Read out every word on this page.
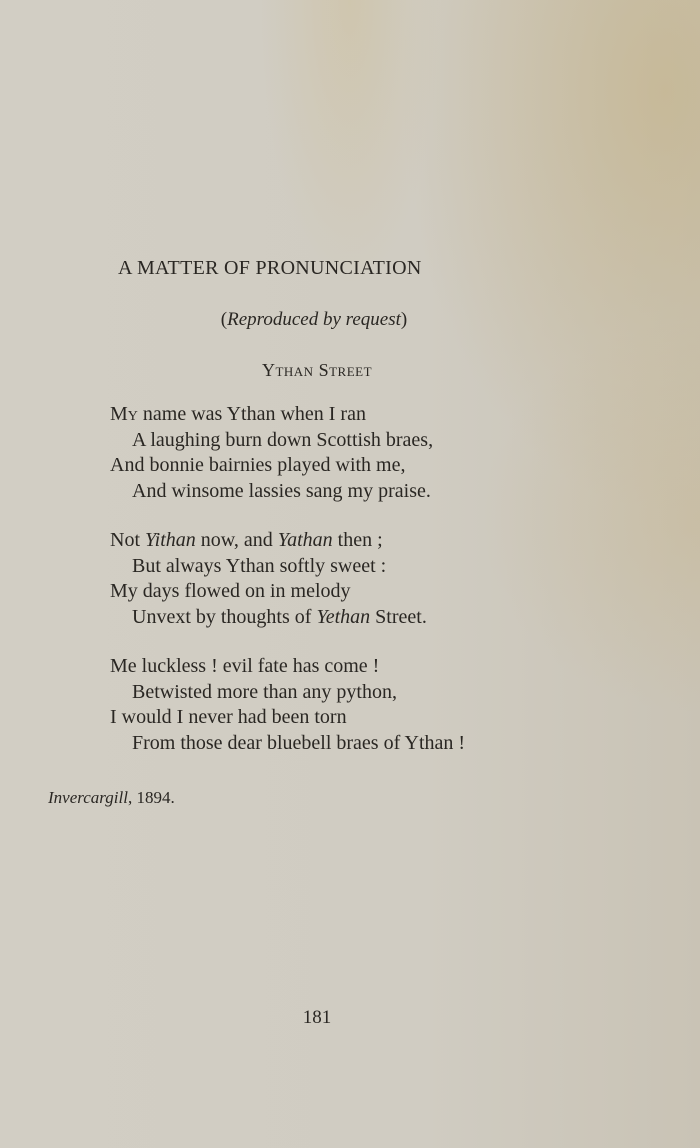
A MATTER OF PRONUNCIATION
(Reproduced by request)
Ythan Street
My name was Ythan when I ran
A laughing burn down Scottish braes,
And bonnie bairnies played with me,
And winsome lassies sang my praise.
Not Yithan now, and Yathan then ;
But always Ythan softly sweet :
My days flowed on in melody
Unvext by thoughts of Yethan Street.
Me luckless ! evil fate has come !
Betwisted more than any python,
I would I never had been torn
From those dear bluebell braes of Ythan !
Invercargill, 1894.
181
